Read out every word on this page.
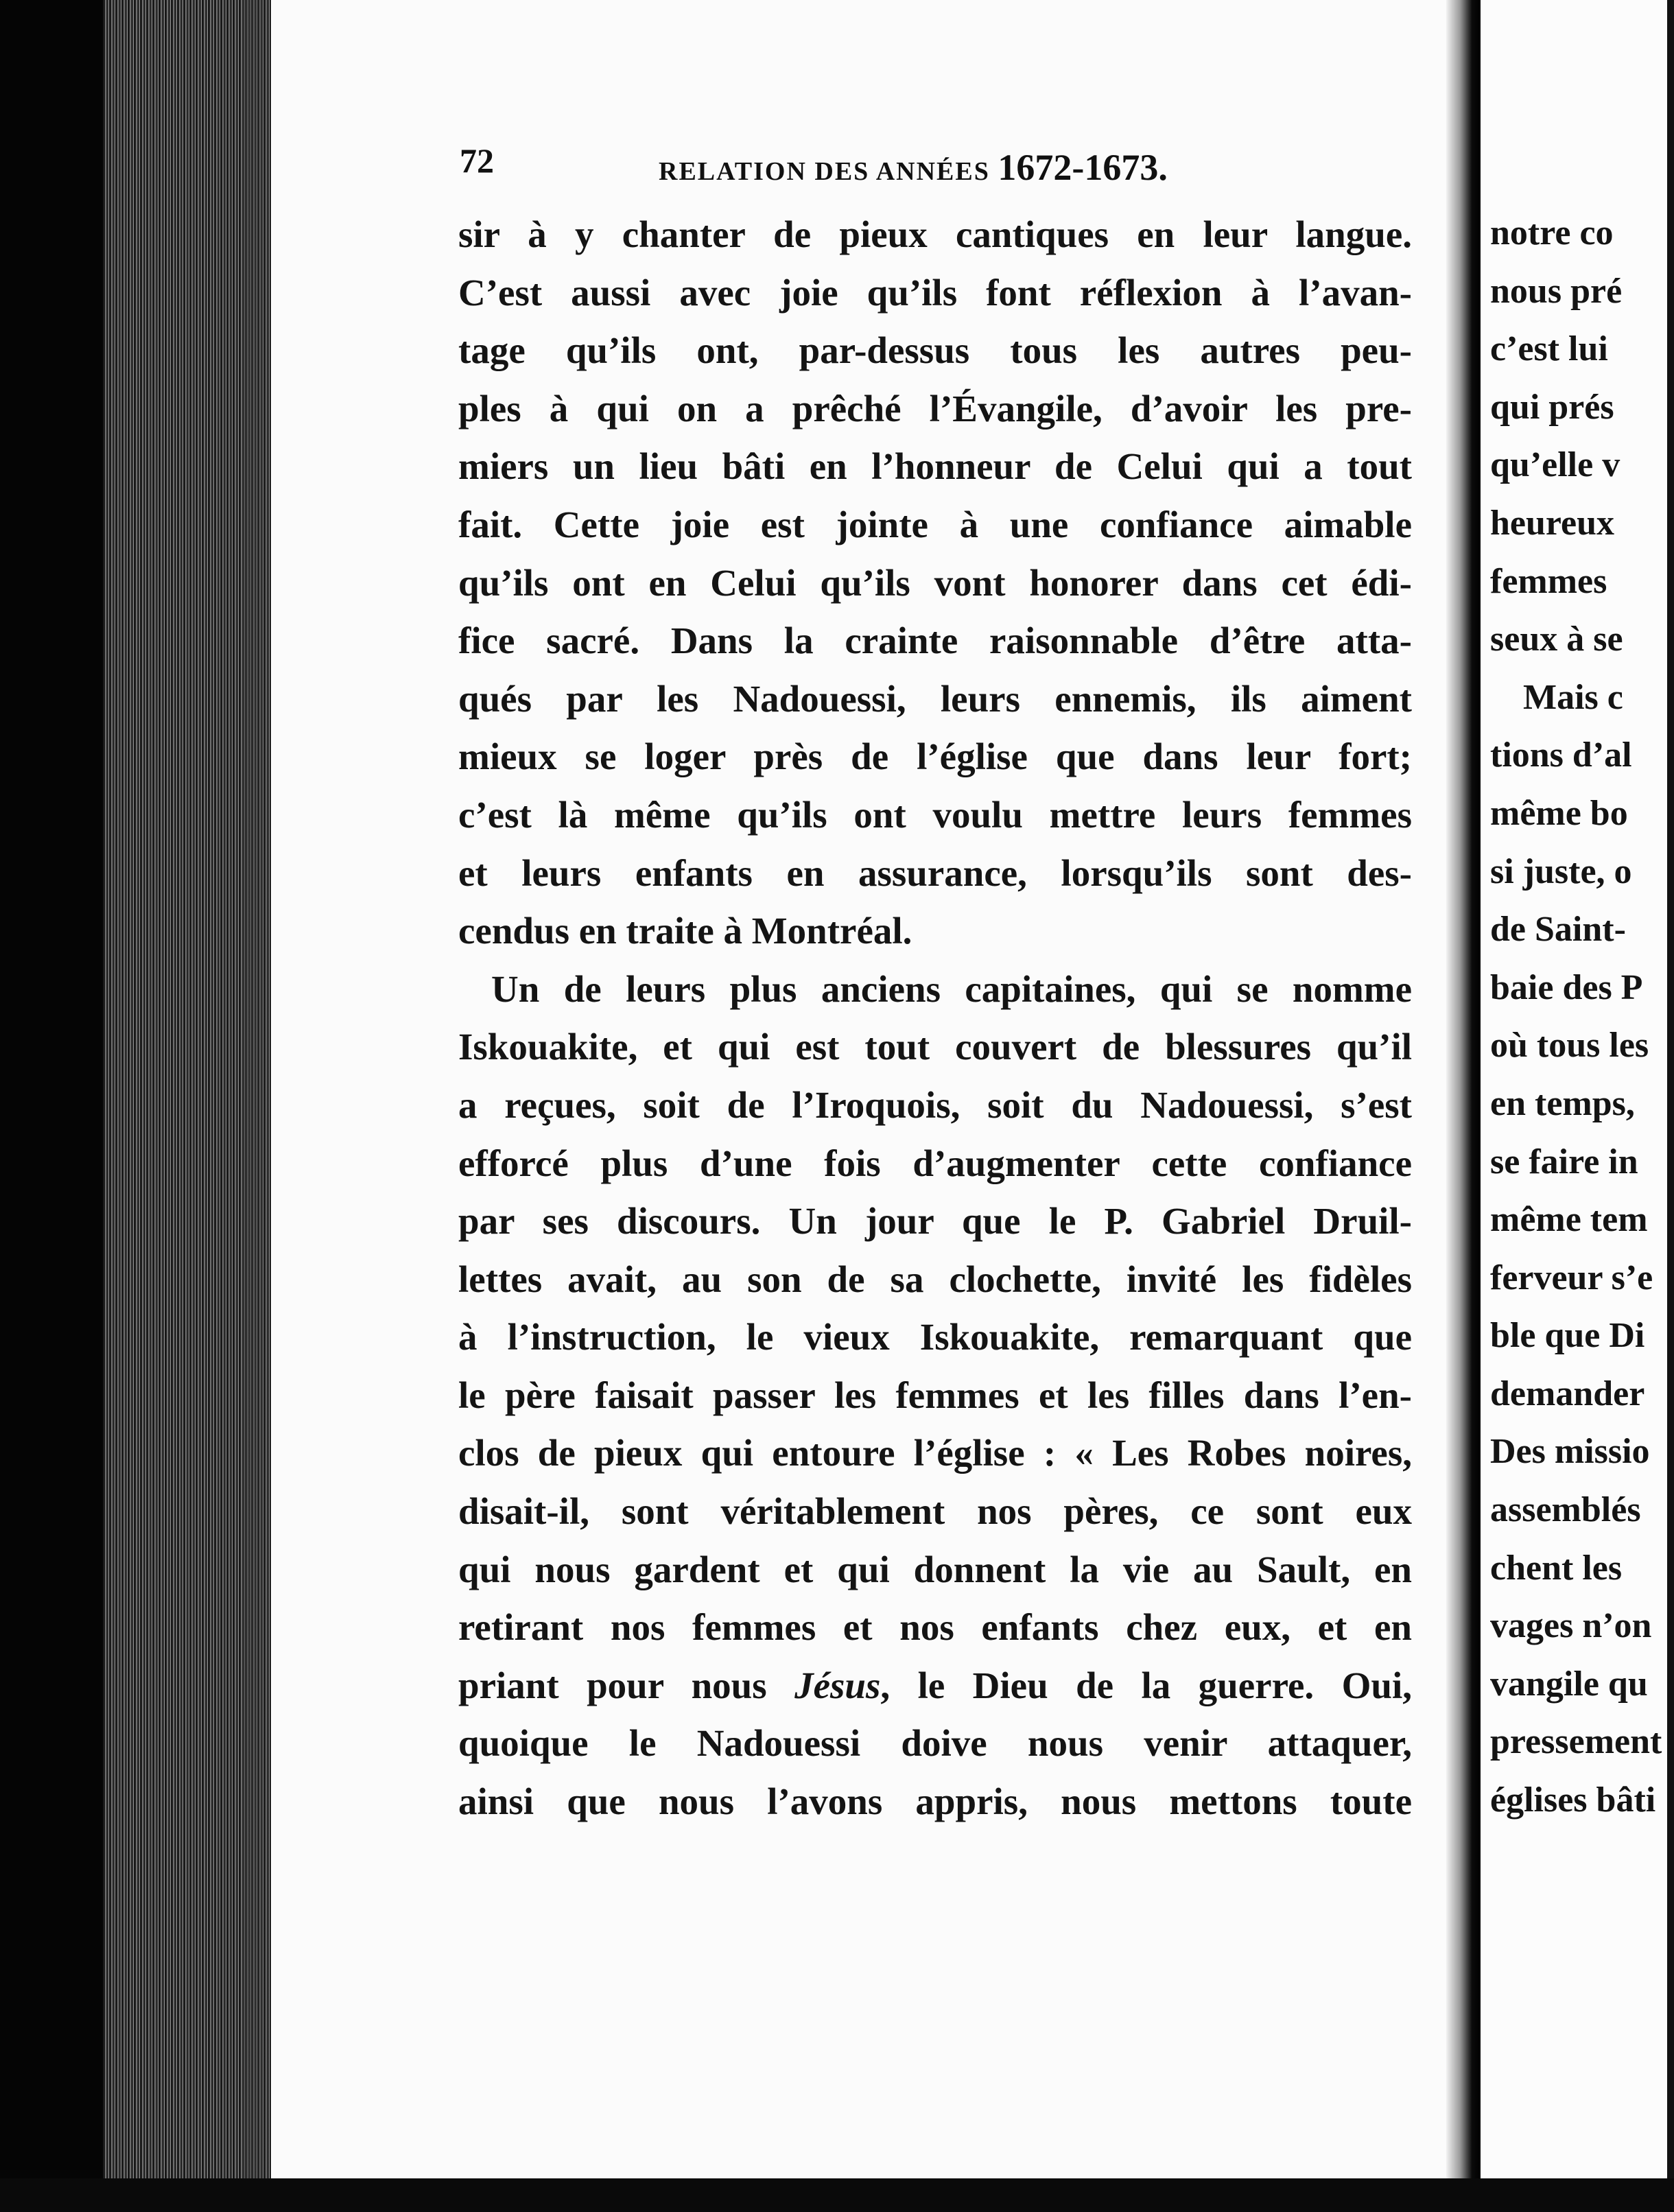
72	RELATION DES ANNÉES 1672-1673.
sir à y chanter de pieux cantiques en leur langue.
C’est aussi avec joie qu’ils font réflexion à l’avan-
tage qu’ils ont, par-dessus tous les autres peu-
ples à qui on a prêché l’Évangile, d’avoir les pre-
miers un lieu bâti en l’honneur de Celui qui a tout
fait. Cette joie est jointe à une confiance aimable
qu’ils ont en Celui qu’ils vont honorer dans cet édi-
fice sacré. Dans la crainte raisonnable d’être atta-
qués par les Nadouessi, leurs ennemis, ils aiment
mieux se loger près de l’église que dans leur fort;
c’est là même qu’ils ont voulu mettre leurs femmes
et leurs enfants en assurance, lorsqu’ils sont des-
cendus en traite à Montréal.
Un de leurs plus anciens capitaines, qui se nomme
Iskouakite, et qui est tout couvert de blessures qu’il
a reçues, soit de l’Iroquois, soit du Nadouessi, s’est
efforcé plus d’une fois d’augmenter cette confiance
par ses discours. Un jour que le P. Gabriel Druil-
lettes avait, au son de sa clochette, invité les fidèles
à l’instruction, le vieux Iskouakite, remarquant que
le père faisait passer les femmes et les filles dans l’en-
clos de pieux qui entoure l’église : « Les Robes noires,
disait-il, sont véritablement nos pères, ce sont eux
qui nous gardent et qui donnent la vie au Sault, en
retirant nos femmes et nos enfants chez eux, et en
priant pour nous Jésus, le Dieu de la guerre. Oui,
quoique le Nadouessi doive nous venir attaquer,
ainsi que nous l’avons appris, nous mettons toute
notre co
nous pré
c’est lui
qui prés
qu’elle v
heureux
femmes
seux à se
Mais c
tions d’al
même bo
si juste, o
de Saint-
baie des P
où tous les
en temps,
se faire in
même tem
ferveur s’e
ble que Di
demander
Des missio
assemblés
chent les
vages n’on
vangile qu
pressement
églises bâti
